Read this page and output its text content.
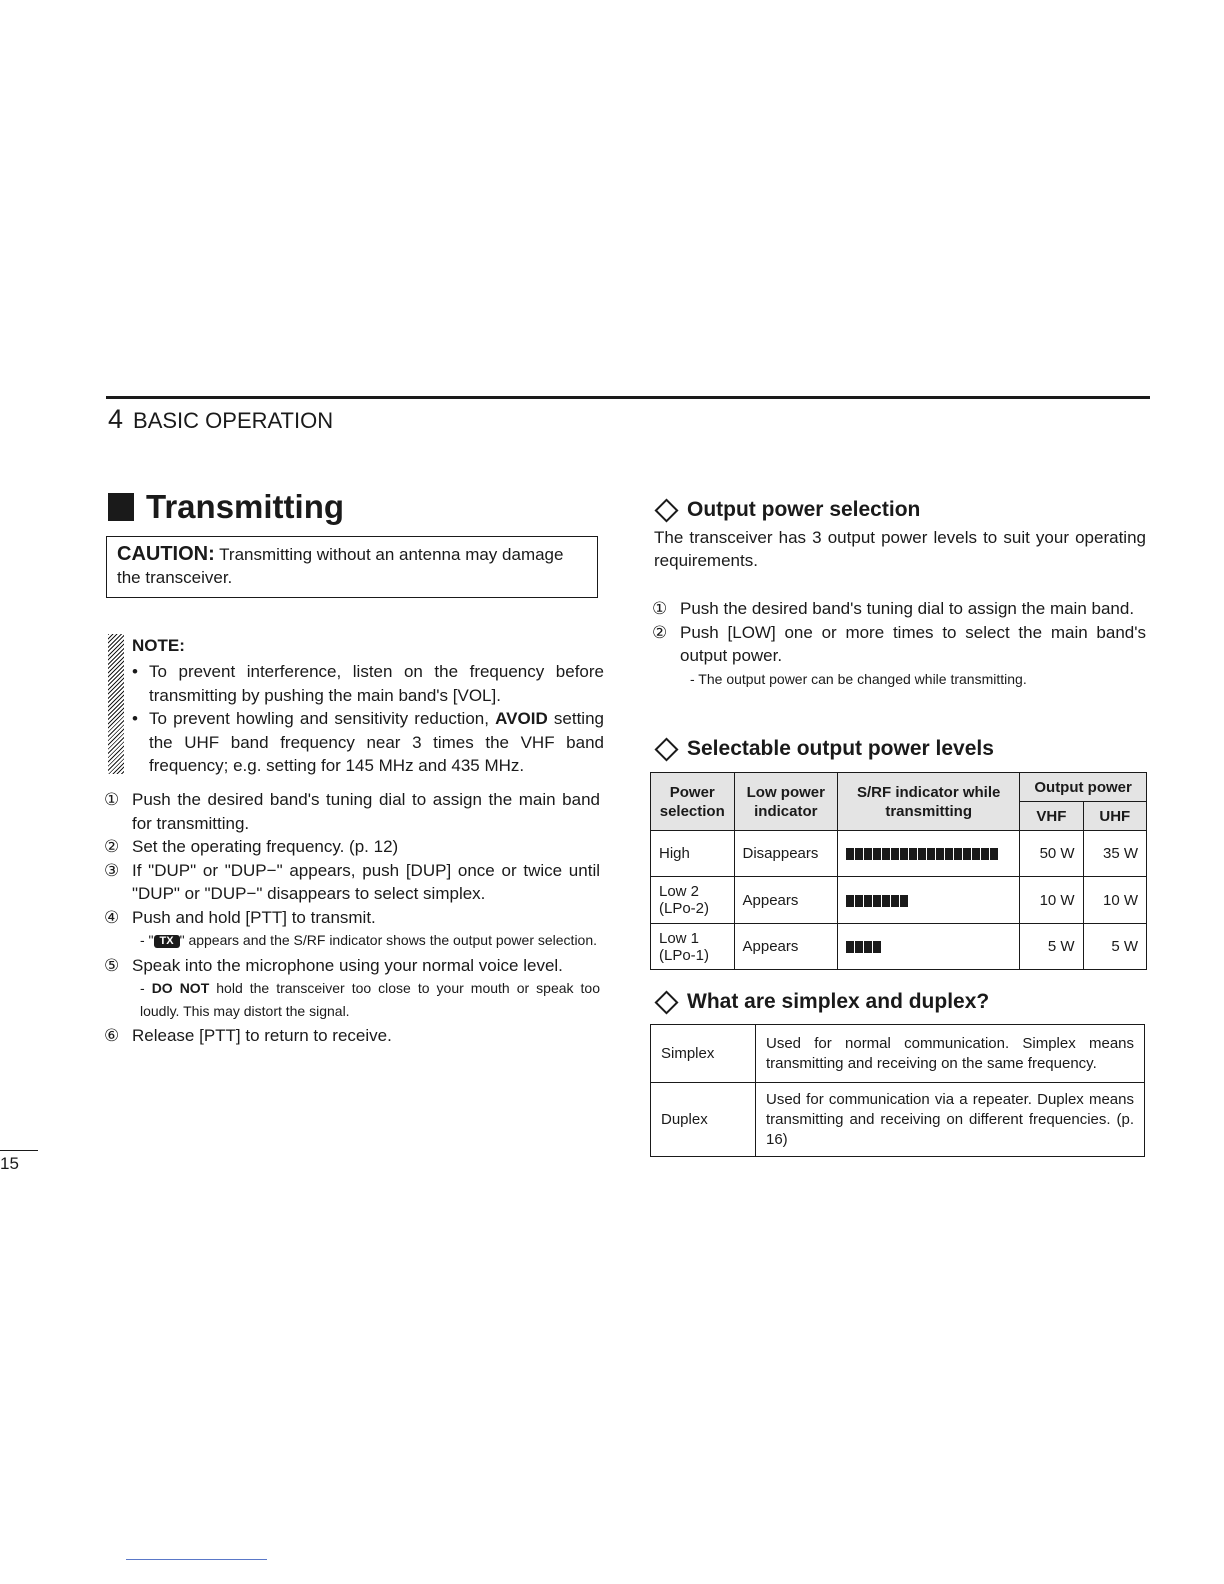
4 BASIC OPERATION
Transmitting
CAUTION: Transmitting without an antenna may damage the transceiver.
NOTE:
• To prevent interference, listen on the frequency before transmitting by pushing the main band's [VOL].
• To prevent howling and sensitivity reduction, AVOID setting the UHF band frequency near 3 times the VHF band frequency; e.g. setting for 145 MHz and 435 MHz.
① Push the desired band's tuning dial to assign the main band for transmitting.
② Set the operating frequency. (p. 12)
③ If "DUP" or "DUP−" appears, push [DUP] once or twice until "DUP" or "DUP−" disappears to select simplex.
④ Push and hold [PTT] to transmit.
- " TX " appears and the S/RF indicator shows the output power selection.
⑤ Speak into the microphone using your normal voice level.
- DO NOT hold the transceiver too close to your mouth or speak too loudly. This may distort the signal.
⑥ Release [PTT] to return to receive.
15
Output power selection
The transceiver has 3 output power levels to suit your operating requirements.
① Push the desired band's tuning dial to assign the main band.
② Push [LOW] one or more times to select the main band's output power.
- The output power can be changed while transmitting.
Selectable output power levels
Power selection	Low power indicator	S/RF indicator while transmitting	Output power	
			VHF	UHF
High	Disappears		50 W	35 W
Low 2 (LPo-2)	Appears		10 W	10 W
Low 1 (LPo-1)	Appears		5 W	5 W
What are simplex and duplex?
Simplex	Used for normal communication. Simplex means transmitting and receiving on the same frequency.
Duplex	Used for communication via a repeater. Duplex means transmitting and receiving on different frequencies. (p. 16)
